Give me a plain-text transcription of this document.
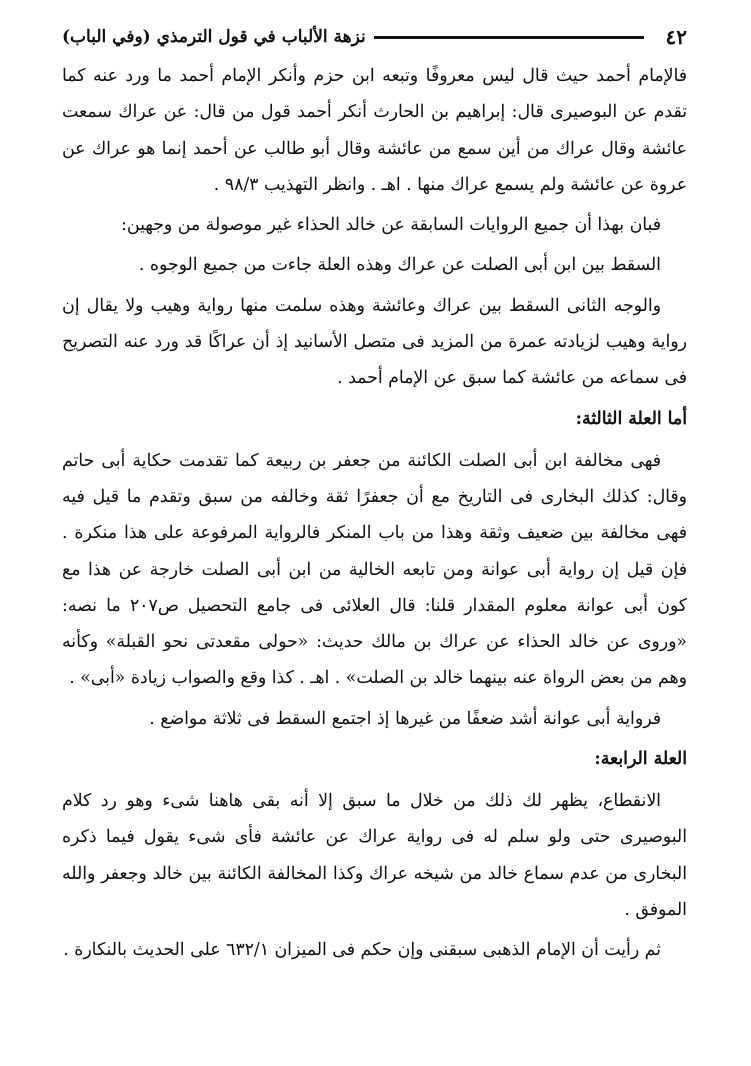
٤٢
نزهة الألباب في قول الترمذي (وفي الباب)

فالإمام أحمد حيث قال ليس معروفًا وتبعه ابن حزم وأنكر الإمام أحمد ما ورد عنه كما تقدم عن البوصيرى قال: إبراهيم بن الحارث أنكر أحمد قول من قال: عن عراك سمعت عائشة وقال عراك من أين سمع من عائشة وقال أبو طالب عن أحمد إنما هو عراك عن عروة عن عائشة ولم يسمع عراك منها . اهـ . وانظر التهذيب ٩٨/٣ .

فبان بهذا أن جميع الروايات السابقة عن خالد الحذاء غير موصولة من وجهين:

السقط بين ابن أبى الصلت عن عراك وهذه العلة جاءت من جميع الوجوه .

والوجه الثانى السقط بين عراك وعائشة وهذه سلمت منها رواية وهيب ولا يقال إن رواية وهيب لزيادته عمرة من المزيد فى متصل الأسانيد إذ أن عراكًا قد ورد عنه التصريح فى سماعه من عائشة كما سبق عن الإمام أحمد .

أما العلة الثالثة:

فهى مخالفة ابن أبى الصلت الكائنة من جعفر بن ربيعة كما تقدمت حكاية أبى حاتم وقال: كذلك البخارى فى التاريخ مع أن جعفرًا ثقة وخالفه من سبق وتقدم ما قيل فيه فهى مخالفة بين ضعيف وثقة وهذا من باب المنكر فالرواية المرفوعة على هذا منكرة . فإن قيل إن رواية أبى عوانة ومن تابعه الخالية من ابن أبى الصلت خارجة عن هذا مع كون أبى عوانة معلوم المقدار قلنا: قال العلائى فى جامع التحصيل ص٢٠٧ ما نصه: «وروى عن خالد الحذاء عن عراك بن مالك حديث: «حولى مقعدتى نحو القبلة» وكأنه وهم من بعض الرواة عنه بينهما خالد بن الصلت» . اهـ . كذا وقع والصواب زيادة «أبى» .

فرواية أبى عوانة أشد ضعفًا من غيرها إذ اجتمع السقط فى ثلاثة مواضع .

العلة الرابعة:

الانقطاع، يظهر لك ذلك من خلال ما سبق إلا أنه بقى هاهنا شىء وهو رد كلام البوصيرى حتى ولو سلم له فى رواية عراك عن عائشة فأى شىء يقول فيما ذكره البخارى من عدم سماع خالد من شيخه عراك وكذا المخالفة الكائنة بين خالد وجعفر والله الموفق .

ثم رأيت أن الإمام الذهبى سبقنى وإن حكم فى الميزان ٦٣٢/١ على الحديث بالنكارة .
